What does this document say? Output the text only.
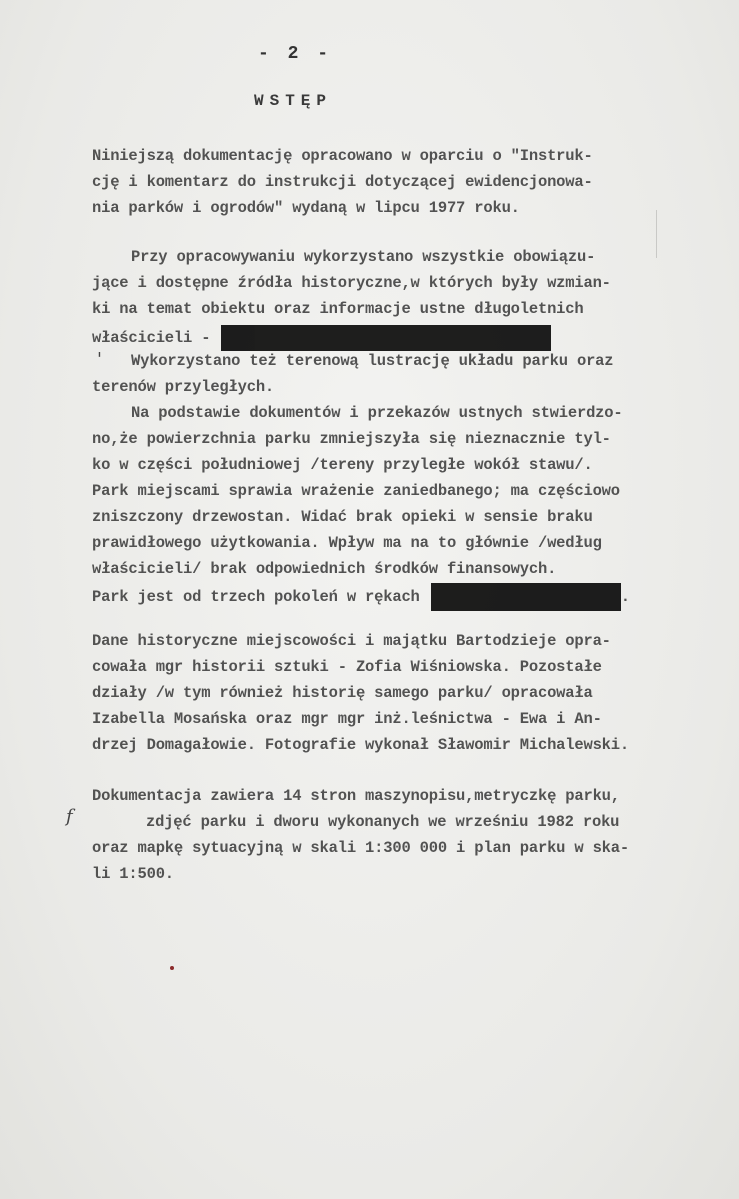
- 2 -
WSTĘP
Niniejszą dokumentację opracowano w oparciu o "Instruk-
cję i komentarz do instrukcji dotyczącej ewidencjonowa-
nia parków i ogrodów" wydaną w lipcu 1977 roku.
Przy opracowywaniu wykorzystano wszystkie obowiązu-
jące i dostępne źródła historyczne,w których były wzmian-
ki na temat obiektu oraz informacje ustne długoletnich
właścicieli -
' Wykorzystano też terenową lustrację układu parku oraz
terenów przyległych.
Na podstawie dokumentów i przekazów ustnych stwierdzo-
no,że powierzchnia parku zmniejszyła się nieznacznie tyl-
ko w części południowej /tereny przyległe wokół stawu/.
Park miejscami sprawia wrażenie zaniedbanego; ma częściowo
zniszczony drzewostan. Widać brak opieki w sensie braku
prawidłowego użytkowania. Wpływ ma na to głównie /według
właścicieli/ brak odpowiednich środków finansowych.
Park jest od trzech pokoleń w rękach	.
Dane historyczne miejscowości i majątku Bartodzieje opra-
cowała mgr historii sztuki - Zofia Wiśniowska. Pozostałe
działy /w tym również historię samego parku/ opracowała
Izabella Mosańska oraz mgr mgr inż.leśnictwa - Ewa i An-
drzej Domagałowie. Fotografie wykonał Sławomir Michalewski.
Dokumentacja zawiera 14 stron maszynopisu,metryczkę parku,
f	zdjęć parku i dworu wykonanych we wrześniu 1982 roku
oraz mapkę sytuacyjną w skali 1:300 000 i plan parku w ska-
li 1:500.
